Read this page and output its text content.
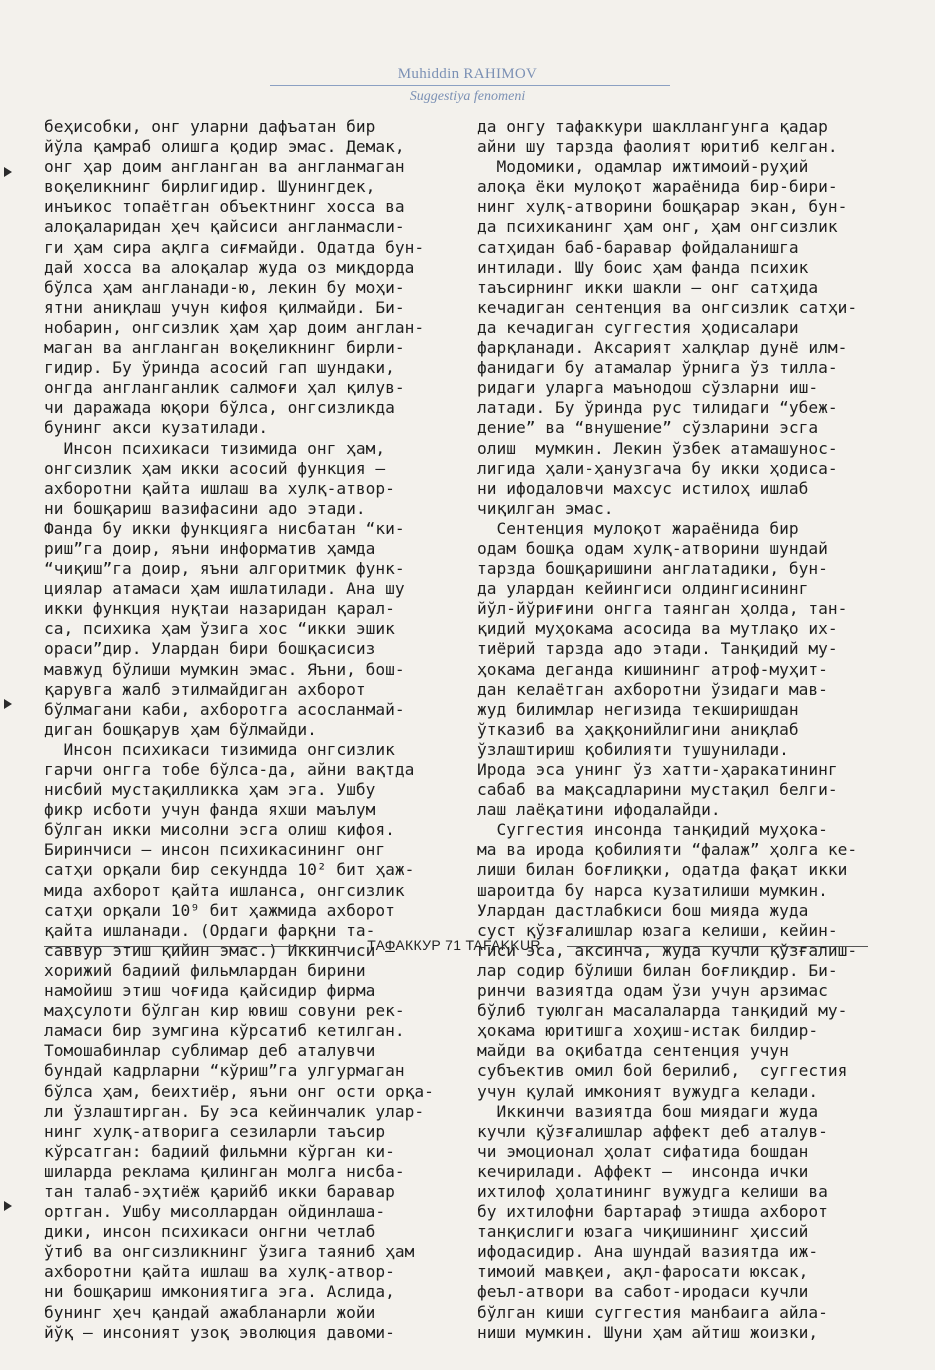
Muhiddin RAHIMOV
Suggestiya fenomeni
беҳисобки, онг уларни дафъатан бир
йўла қамраб олишга қодир эмас. Демак,
онг ҳар доим англанган ва англанмаган
воқеликнинг бирлигидир. Шунингдек,
инъикос топаётган объектнинг хосса ва
алоқаларидан ҳеч қайсиси англанмасли-
ги ҳам сира ақлга сиғмайди. Одатда бун-
дай хосса ва алоқалар жуда оз миқдорда
бўлса ҳам англанади-ю, лекин бу моҳи-
ятни аниқлаш учун кифоя қилмайди. Би-
нобарин, онгсизлик ҳам ҳар доим англан-
маган ва англанган воқеликнинг бирли-
гидир. Бу ўринда асосий гап шундаки,
онгда англанганлик салмоғи ҳал қилув-
чи даражада юқори бўлса, онгсизликда
бунинг акси кузатилади.
Инсон психикаси тизимида онг ҳам,
онгсизлик ҳам икки асосий функция —
ахборотни қайта ишлаш ва хулқ-атвор-
ни бошқариш вазифасини адо этади.
Фанда бу икки функцияга нисбатан “ки-
риш”га доир, яъни информатив ҳамда
“чиқиш”га доир, яъни алгоритмик функ-
циялар атамаси ҳам ишлатилади. Ана шу
икки функция нуқтаи назаридан қарал-
са, психика ҳам ўзига хос “икки эшик
ораси”дир. Улардан бири бошқасисиз
мавжуд бўлиши мумкин эмас. Яъни, бош-
қарувга жалб этилмайдиган ахборот
бўлмагани каби, ахборотга асосланмай-
диган бошқарув ҳам бўлмайди.
Инсон психикаси тизимида онгсизлик
гарчи онгга тобе бўлса-да, айни вақтда
нисбий мустақилликка ҳам эга. Ушбу
фикр исботи учун фанда яхши маълум
бўлган икки мисолни эсга олиш кифоя.
Биринчиси — инсон психикасининг онг
сатҳи орқали бир секундда 10² бит ҳаж-
мида ахборот қайта ишланса, онгсизлик
сатҳи орқали 10⁹ бит ҳажмида ахборот
қайта ишланади. (Ордаги фарқни та-
саввур этиш қийин эмас.) Иккинчиси —
хорижий бадиий фильмлардан бирини
намойиш этиш чоғида қайсидир фирма
маҳсулоти бўлган кир ювиш совуни рек-
ламаси бир зумгина кўрсатиб кетилган.
Томошабинлар сублимар деб аталувчи
бундай кадрларни “кўриш”га улгурмаган
бўлса ҳам, беихтиёр, яъни онг ости орқа-
ли ўзлаштирган. Бу эса кейинчалик улар-
нинг хулқ-атворига сезиларли таъсир
кўрсатган: бадиий фильмни кўрган ки-
шиларда реклама қилинган молга нисба-
тан талаб-эҳтиёж қарийб икки баравар
ортган. Ушбу мисоллардан ойдинлаша-
дики, инсон психикаси онгни четлаб
ўтиб ва онгсизликнинг ўзига таяниб ҳам
ахборотни қайта ишлаш ва хулқ-атвор-
ни бошқариш имкониятига эга. Аслида,
бунинг ҳеч қандай ажабланарли жойи
йўқ — инсоният узоқ эволюция давоми-
да онгу тафаккури шакллангунга қадар
айни шу тарзда фаолият юритиб келган.
Модомики, одамлар ижтимоий-руҳий
алоқа ёки мулоқот жараёнида бир-бири-
нинг хулқ-атворини бошқарар экан, бун-
да психиканинг ҳам онг, ҳам онгсизлик
сатҳидан баб-баравар фойдаланишга
интилади. Шу боис ҳам фанда психик
таъсирнинг икки шакли — онг сатҳида
кечадиган сентенция ва онгсизлик сатҳи-
да кечадиган суггестия ҳодисалари
фарқланади. Аксарият халқлар дунё илм-
фанидаги бу атамалар ўрнига ўз тилла-
ридаги уларга маънодош сўзларни иш-
латади. Бу ўринда рус тилидаги “убеж-
дение” ва “внушение” сўзларини эсга
олиш  мумкин. Лекин ўзбек атамашунос-
лигида ҳали-ҳанузгача бу икки ҳодиса-
ни ифодаловчи махсус истилоҳ ишлаб
чиқилган эмас.
Сентенция мулоқот жараёнида бир
одам бошқа одам хулқ-атворини шундай
тарзда бошқаришини англатадики, бун-
да улардан кейингиси олдингисининг
йўл-йўриғини онгга таянган ҳолда, тан-
қидий муҳокама асосида ва мутлақо их-
тиёрий тарзда адо этади. Танқидий му-
ҳокама деганда кишининг атроф-муҳит-
дан келаётган ахборотни ўзидаги мав-
жуд билимлар негизида текширишдан
ўтказиб ва ҳаққонийлигини аниқлаб
ўзлаштириш қобилияти тушунилади.
Ирода эса унинг ўз хатти-ҳаракатининг
сабаб ва мақсадларини мустақил белги-
лаш лаёқатини ифодалайди.
Суггестия инсонда танқидий муҳока-
ма ва ирода қобилияти “фалаж” ҳолга ке-
лиши билан боғлиқки, одатда фақат икки
шароитда бу нарса кузатилиши мумкин.
Улардан дастлабкиси бош мияда жуда
суст қўзғалишлар юзага келиши, кейин-
гиси эса, аксинча, жуда кучли қўзғалиш-
лар содир бўлиши билан боғлиқдир. Би-
ринчи вазиятда одам ўзи учун арзимас
бўлиб туюлган масалаларда танқидий му-
ҳокама юритишга хоҳиш-истак билдир-
майди ва оқибатда сентенция учун
субъектив омил бой берилиб,  суггестия
учун қулай имконият вужудга келади.
Иккинчи вазиятда бош миядаги жуда
кучли қўзғалишлар аффект деб аталув-
чи эмоционал ҳолат сифатида бошдан
кечирилади. Аффект —  инсонда ички
ихтилоф ҳолатининг вужудга келиши ва
бу ихтилофни бартараф этишда ахборот
танқислиги юзага чиқишининг ҳиссий
ифодасидир. Ана шундай вазиятда иж-
тимоий мавқеи, ақл-фаросати юксак,
феъл-атвори ва сабот-иродаси кучли
бўлган киши суггестия манбаига айла-
ниши мумкин. Шуни ҳам айтиш жоизки,
ТАФАККУР 71 TAFAKKUR
